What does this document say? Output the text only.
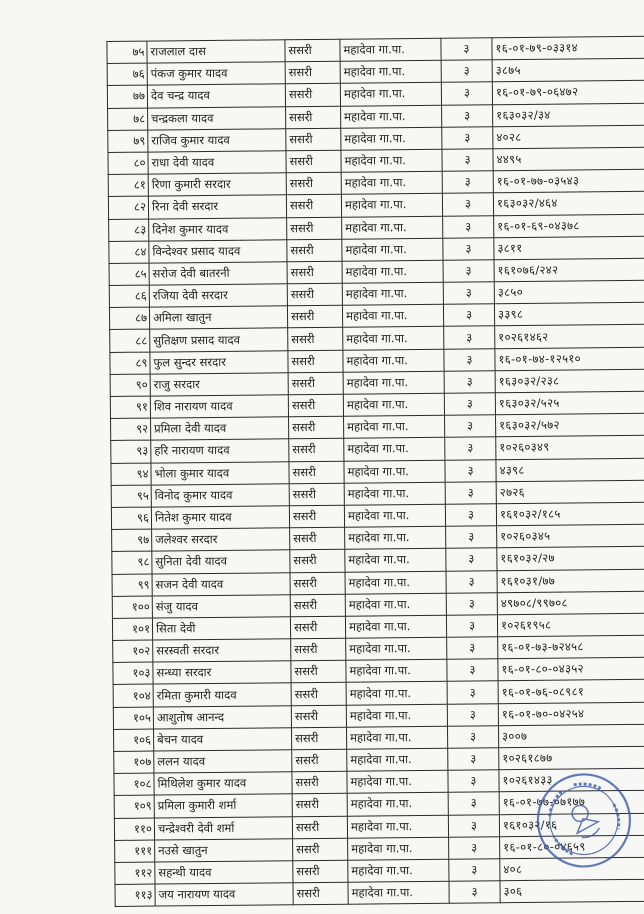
७५	राजलाल दास	ससरी	महादेवा गा.पा.	३	१६-०१-७९-०३३१४
७६	पंकज कुमार यादव	ससरी	महादेवा गा.पा.	३	३८७५
७७	देव चन्द्र यादव	ससरी	महादेवा गा.पा.	३	१६-०१-७९-०६४७२
७८	चन्द्रकला यादव	ससरी	महादेवा गा.पा.	३	१६३०३२/३४
७९	राजिव कुमार यादव	ससरी	महादेवा गा.पा.	३	४०२८
८०	राधा देवी यादव	ससरी	महादेवा गा.पा.	३	४४९५
८१	रिणा कुमारी सरदार	ससरी	महादेवा गा.पा.	३	१६-०१-७७-०३५४३
८२	रिना देवी सरदार	ससरी	महादेवा गा.पा.	३	१६३०३२/४६४
८३	दिनेश कुमार यादव	ससरी	महादेवा गा.पा.	३	१६-०१-६९-०४३७८
८४	विन्देश्वर प्रसाद यादव	ससरी	महादेवा गा.पा.	३	३८११
८५	सरोज देवी बातरनी	ससरी	महादेवा गा.पा.	३	१६१०७६/२४२
८६	रजिया देवी सरदार	ससरी	महादेवा गा.पा.	३	३८५०
८७	अमिला खातुन	ससरी	महादेवा गा.पा.	३	३३९८
८८	सुतिक्षण प्रसाद यादव	ससरी	महादेवा गा.पा.	३	१०२६१४६२
८९	फुल सुन्दर सरदार	ससरी	महादेवा गा.पा.	३	१६-०१-७४-१२५१०
९०	राजु सरदार	ससरी	महादेवा गा.पा.	३	१६३०३२/२३८
९१	शिव नारायण यादव	ससरी	महादेवा गा.पा.	३	१६३०३२/५२५
९२	प्रमिला देवी यादव	ससरी	महादेवा गा.पा.	३	१६३०३२/५७२
९३	हरि नारायण यादव	ससरी	महादेवा गा.पा.	३	१०२६०३४९
९४	भोला कुमार यादव	ससरी	महादेवा गा.पा.	३	४३९८
९५	विनोद कुमार यादव	ससरी	महादेवा गा.पा.	३	२७२६
९६	नितेश कुमार यादव	ससरी	महादेवा गा.पा.	३	१६१०३२/१८५
९७	जलेश्वर सरदार	ससरी	महादेवा गा.पा.	३	१०२६०३४५
९८	सुनिता देवी यादव	ससरी	महादेवा गा.पा.	३	१६१०३२/२७
९९	सजन देवी यादव	ससरी	महादेवा गा.पा.	३	१६१०३१/७७
१००	संजु यादव	ससरी	महादेवा गा.पा.	३	४९७०८/९९७०८
१०१	सिता देवी	ससरी	महादेवा गा.पा.	३	१०२६१९५८
१०२	सरस्वती सरदार	ससरी	महादेवा गा.पा.	३	१६-०१-७३-७२४५८
१०३	सन्ध्या सरदार	ससरी	महादेवा गा.पा.	३	१६-०१-८०-०४३५२
१०४	रमिता कुमारी यादव	ससरी	महादेवा गा.पा.	३	१६-०१-७६-०८९८१
१०५	आशुतोष आनन्द	ससरी	महादेवा गा.पा.	३	१६-०१-७०-०४२५४
१०६	बेचन यादव	ससरी	महादेवा गा.पा.	३	३००७
१०७	ललन यादव	ससरी	महादेवा गा.पा.	३	१०२६१८७७
१०८	मिथिलेश कुमार यादव	ससरी	महादेवा गा.पा.	३	१०२६१४३३
१०९	प्रमिला कुमारी शर्मा	ससरी	महादेवा गा.पा.	३	१६-०१-७७-०७१७७
११०	चन्द्रेश्वरी देवी शर्मा	ससरी	महादेवा गा.पा.	३	१६१०३२/१६
१११	नउसे खातुन	ससरी	महादेवा गा.पा.	३	१६-०१-८०-०४६५९
११२	सहन्थी यादव	ससरी	महादेवा गा.पा.	३	४०८
११३	जय नारायण यादव	ससरी	महादेवा गा.पा.	३	३०६
